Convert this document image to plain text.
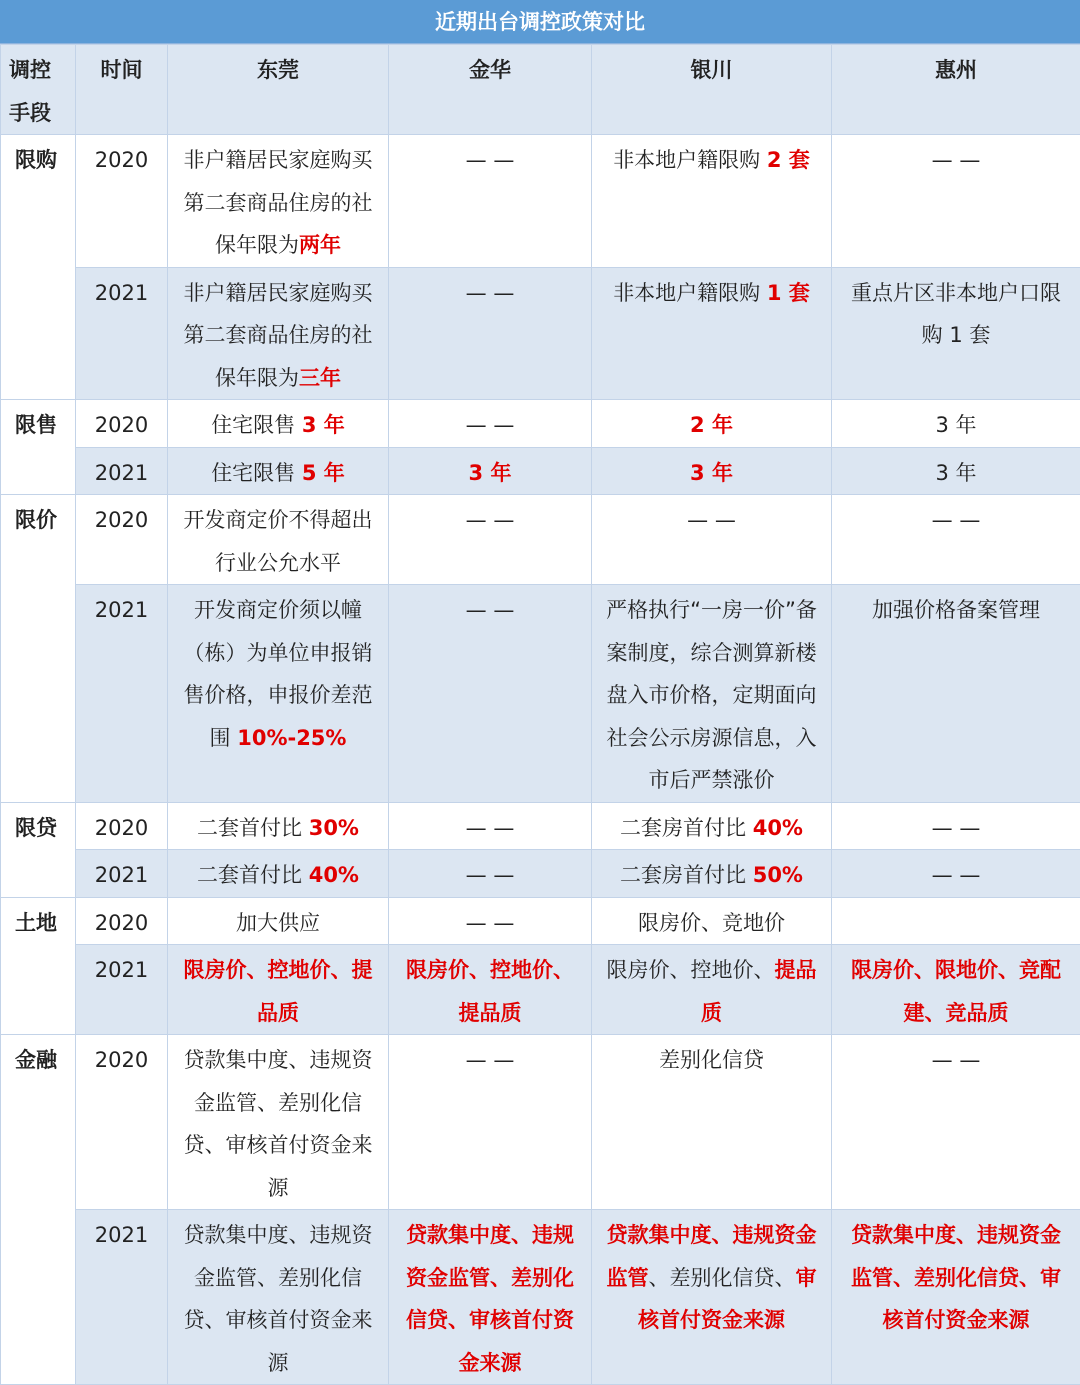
近期出台调控政策对比
调控
手段	时间	东莞	金华	银川	惠州
限购	2020	非户籍居民家庭购买第二套商品住房的社保年限为两年	— —	非本地户籍限购 2 套	— —
	2021	非户籍居民家庭购买第二套商品住房的社保年限为三年	— —	非本地户籍限购 1 套	重点片区非本地户口限购 1 套
限售	2020	住宅限售 3 年	— —	2 年	3 年
	2021	住宅限售 5 年	3 年	3 年	3 年
限价	2020	开发商定价不得超出行业公允水平	— —	— —	— —
	2021	开发商定价须以幢（栋）为单位申报销售价格，申报价差范围 10%-25%	— —	严格执行“一房一价”备案制度，综合测算新楼盘入市价格，定期面向社会公示房源信息，入市后严禁涨价	加强价格备案管理
限贷	2020	二套首付比 30%	— —	二套房首付比 40%	— —
	2021	二套首付比 40%	— —	二套房首付比 50%	— —
土地	2020	加大供应	— —	限房价、竞地价	
	2021	限房价、控地价、提品质	限房价、控地价、提品质	限房价、控地价、提品质	限房价、限地价、竞配建、竞品质
金融	2020	贷款集中度、违规资金监管、差别化信贷、审核首付资金来源	— —	差别化信贷	— —
	2021	贷款集中度、违规资金监管、差别化信贷、审核首付资金来源	贷款集中度、违规资金监管、差别化信贷、审核首付资金来源	贷款集中度、违规资金监管、差别化信贷、审核首付资金来源	贷款集中度、违规资金监管、差别化信贷、审核首付资金来源
